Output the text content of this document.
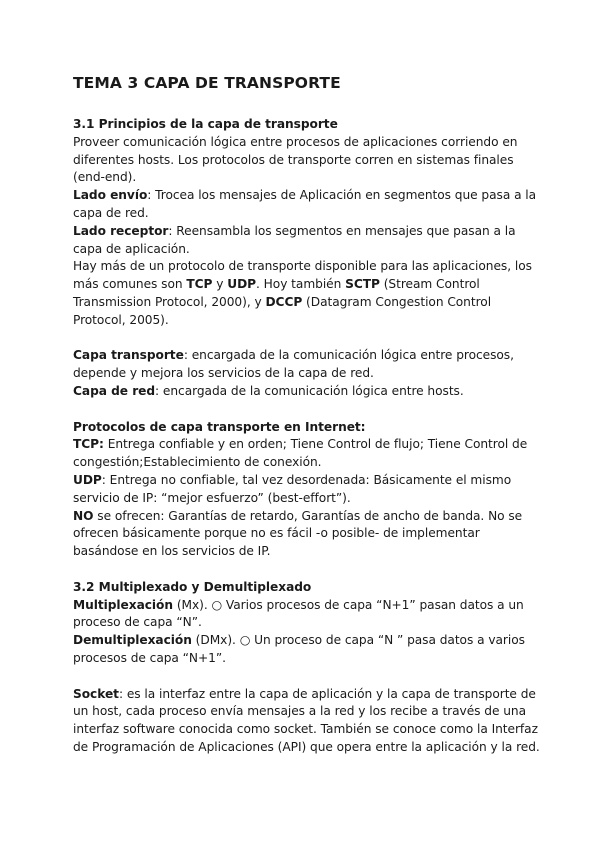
TEMA 3 CAPA DE TRANSPORTE

3.1 Principios de la capa de transporte

Proveer comunicación lógica entre procesos de aplicaciones corriendo en diferentes hosts. Los protocolos de transporte corren en sistemas finales (end-end).

Lado envío: Trocea los mensajes de Aplicación en segmentos que pasa a la capa de red.

Lado receptor: Reensambla los segmentos en mensajes que pasan a la capa de aplicación.

Hay más de un protocolo de transporte disponible para las aplicaciones, los más comunes son TCP y UDP. Hoy también SCTP (Stream Control Transmission Protocol, 2000), y DCCP (Datagram Congestion Control Protocol, 2005).

Capa transporte: encargada de la comunicación lógica entre procesos, depende y mejora los servicios de la capa de red.

Capa de red: encargada de la comunicación lógica entre hosts.

Protocolos de capa transporte en Internet:

TCP: Entrega confiable y en orden; Tiene Control de flujo; Tiene Control de congestión;Establecimiento de conexión.

UDP: Entrega no confiable, tal vez desordenada: Básicamente el mismo servicio de IP: “mejor esfuerzo” (best-effort”).

NO se ofrecen: Garantías de retardo, Garantías de ancho de banda. No se ofrecen básicamente porque no es fácil -o posible- de implementar basándose en los servicios de IP.

3.2 Multiplexado y Demultiplexado

Multiplexación (Mx). ○ Varios procesos de capa “N+1” pasan datos a un proceso de capa “N”.

Demultiplexación (DMx). ○ Un proceso de capa “N ” pasa datos a varios procesos de capa “N+1”.

Socket: es la interfaz entre la capa de aplicación y la capa de transporte de un host, cada proceso envía mensajes a la red y los recibe a través de una interfaz software conocida como socket. También se conoce como la Interfaz de Programación de Aplicaciones (API) que opera entre la aplicación y la red.
